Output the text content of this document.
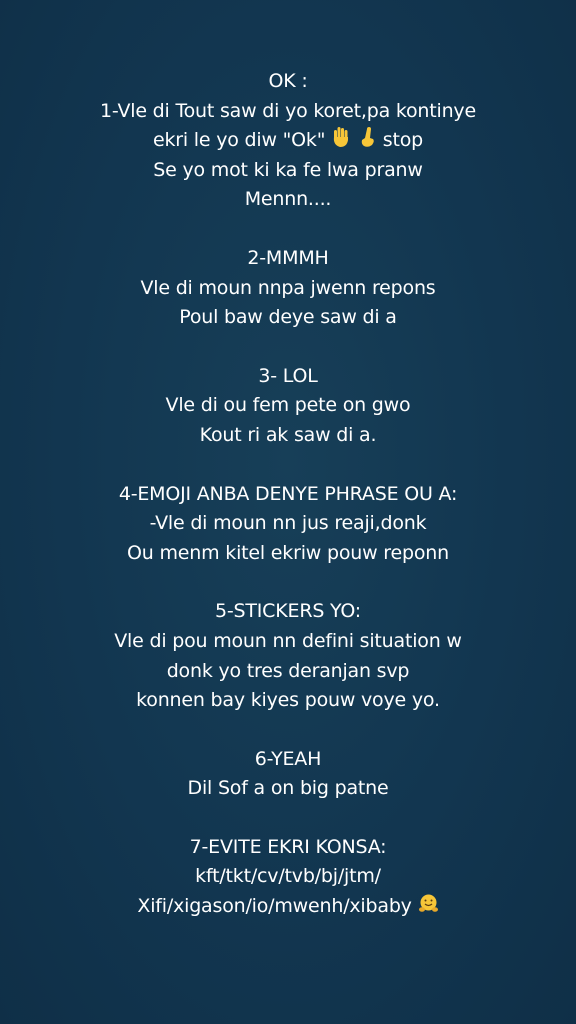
OK :
1-Vle di Tout saw di yo koret,pa kontinye
ekri le yo diw "Ok"
	stop
Se yo mot ki ka fe lwa pranw
Mennn....
2-MMMH
Vle di moun nnpa jwenn repons
Poul baw deye saw di a
3- LOL
Vle di ou fem pete on gwo
Kout ri ak saw di a.
4-EMOJI ANBA DENYE PHRASE OU A:
-Vle di moun nn jus reaji,donk
Ou menm kitel ekriw pouw reponn
5-STICKERS YO:
Vle di pou moun nn defini situation w
donk yo tres deranjan svp
konnen bay kiyes pouw voye yo.
6-YEAH
Dil Sof a on big patne
7-EVITE EKRI KONSA:
kft/tkt/cv/tvb/bj/jtm/
Xifi/xigason/io/mwenh/xibaby
